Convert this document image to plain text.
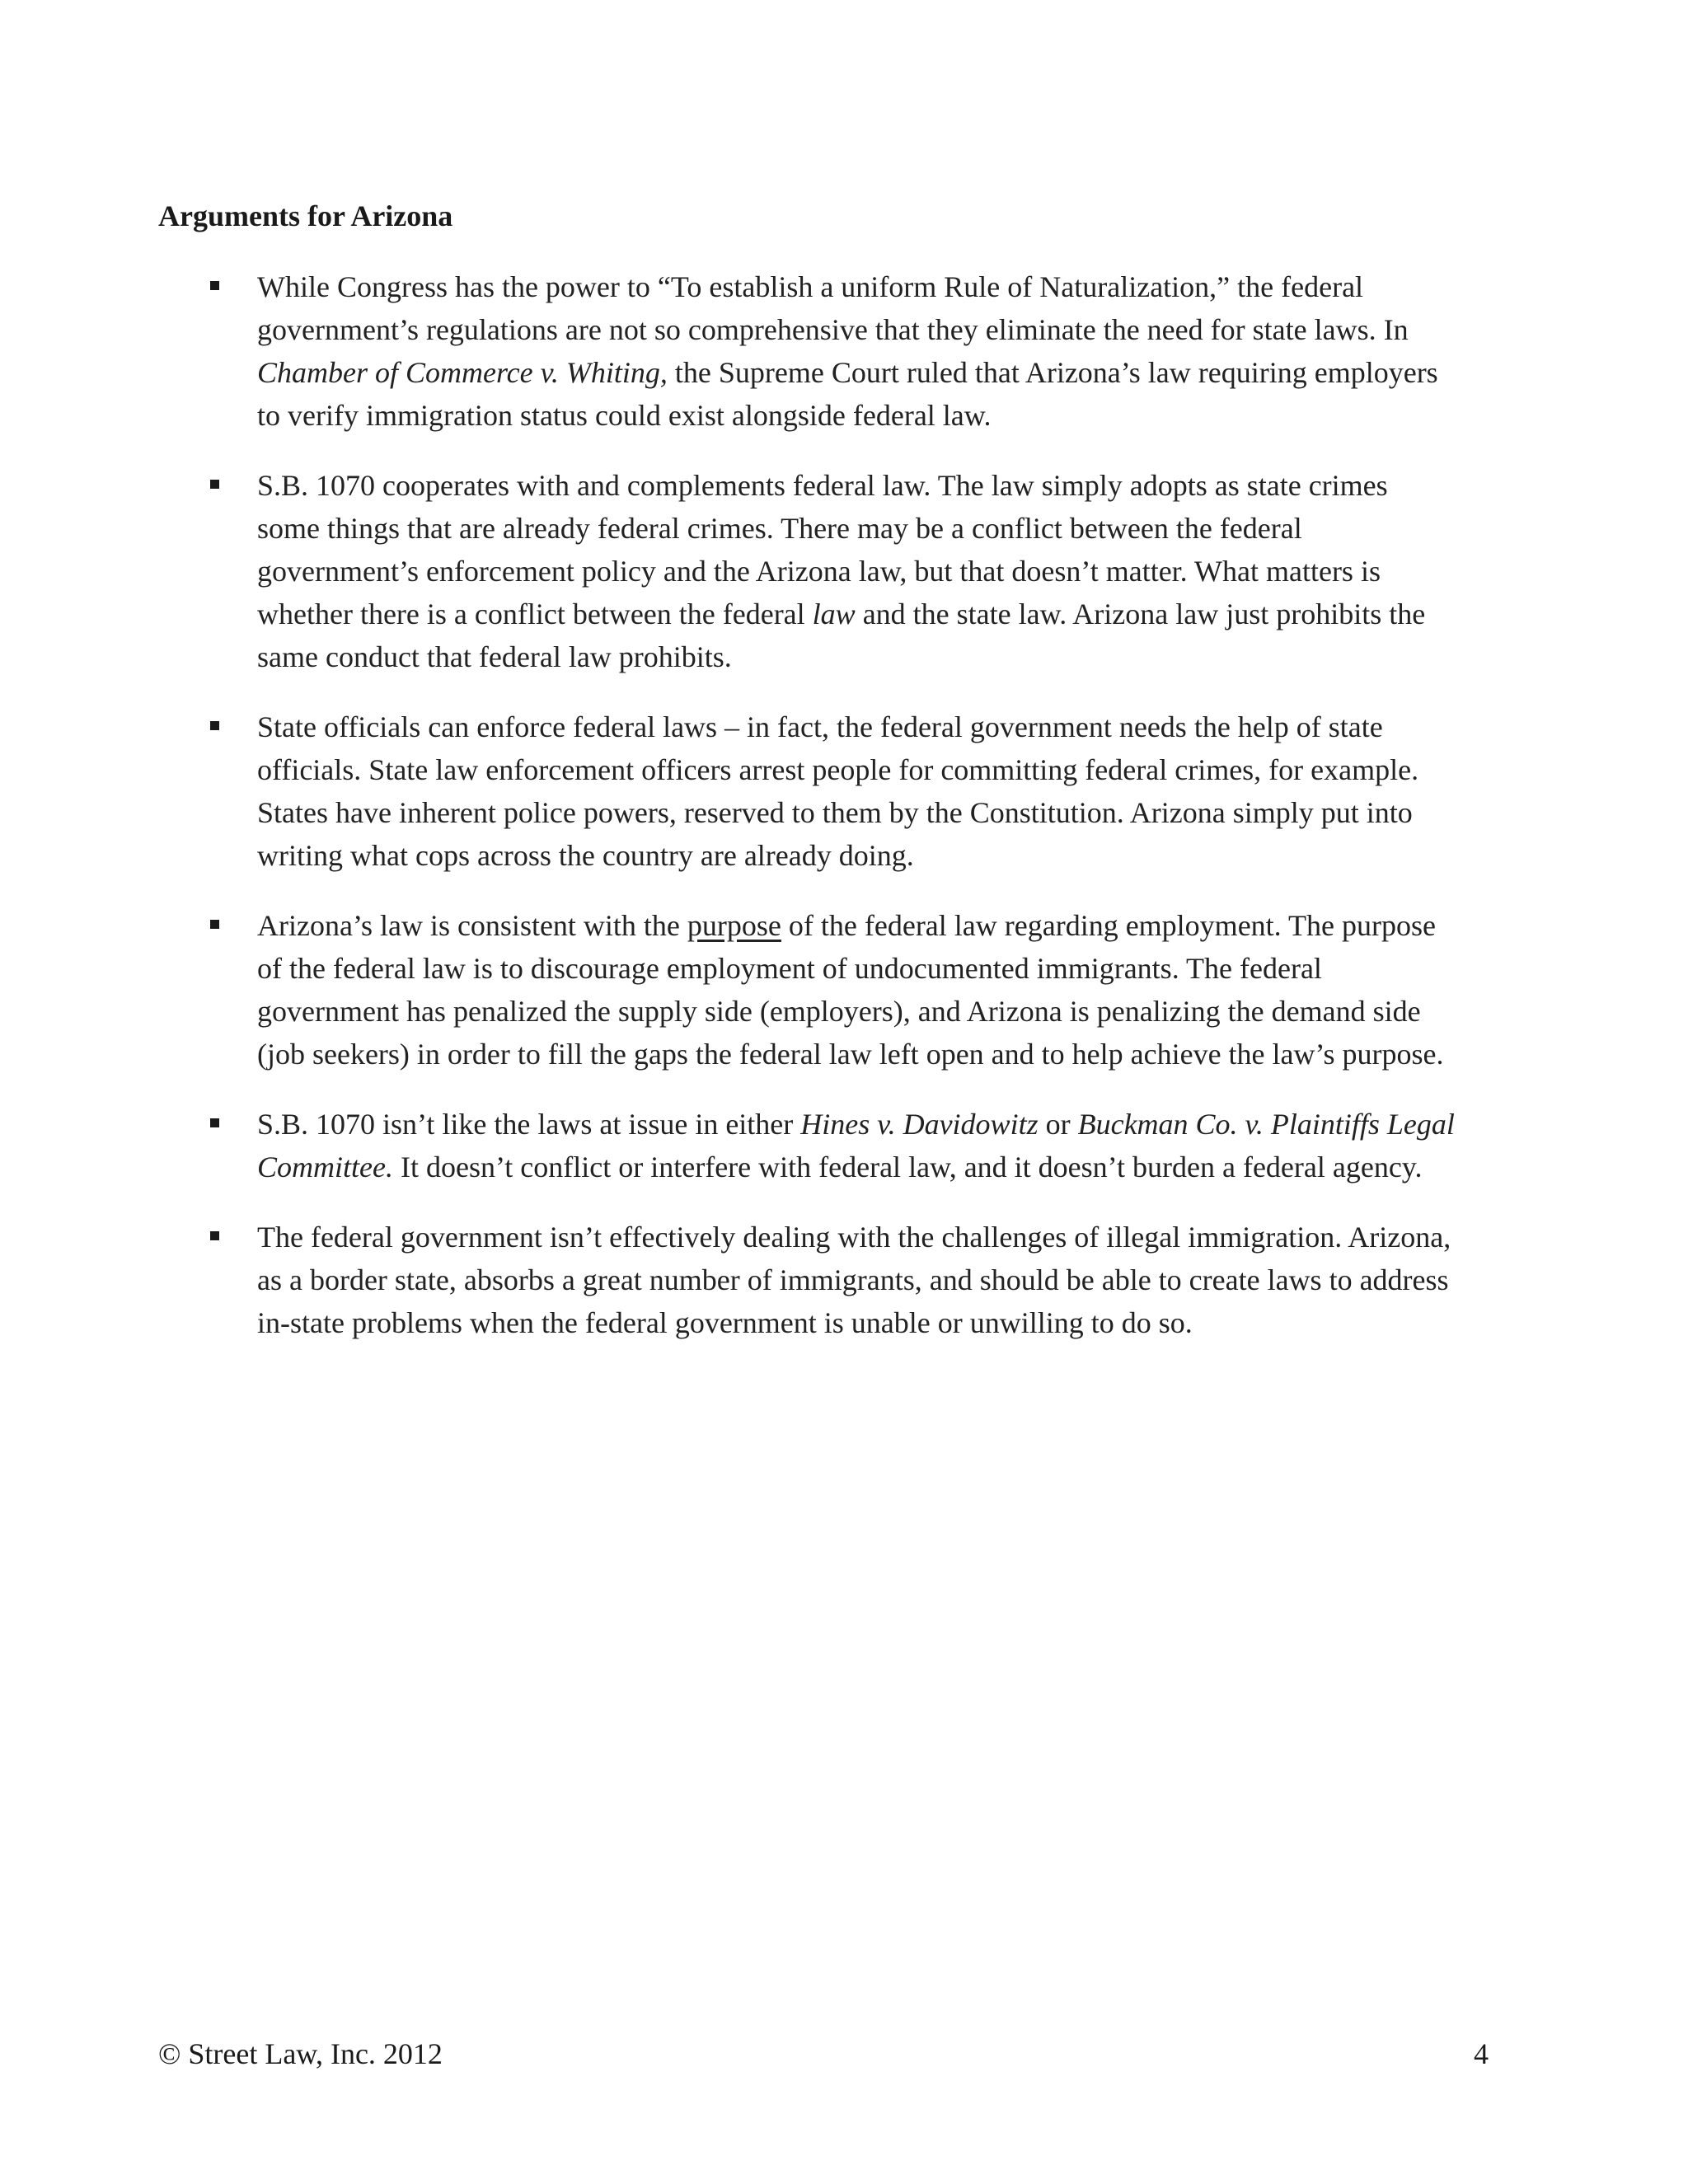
Arguments for Arizona
While Congress has the power to “To establish a uniform Rule of Naturalization,” the federal government’s regulations are not so comprehensive that they eliminate the need for state laws. In Chamber of Commerce v. Whiting, the Supreme Court ruled that Arizona’s law requiring employers to verify immigration status could exist alongside federal law.
S.B. 1070 cooperates with and complements federal law. The law simply adopts as state crimes some things that are already federal crimes. There may be a conflict between the federal government’s enforcement policy and the Arizona law, but that doesn’t matter. What matters is whether there is a conflict between the federal law and the state law. Arizona law just prohibits the same conduct that federal law prohibits.
State officials can enforce federal laws – in fact, the federal government needs the help of state officials. State law enforcement officers arrest people for committing federal crimes, for example. States have inherent police powers, reserved to them by the Constitution. Arizona simply put into writing what cops across the country are already doing.
Arizona’s law is consistent with the purpose of the federal law regarding employment. The purpose of the federal law is to discourage employment of undocumented immigrants. The federal government has penalized the supply side (employers), and Arizona is penalizing the demand side (job seekers) in order to fill the gaps the federal law left open and to help achieve the law’s purpose.
S.B. 1070 isn’t like the laws at issue in either Hines v. Davidowitz or Buckman Co. v. Plaintiffs Legal Committee. It doesn’t conflict or interfere with federal law, and it doesn’t burden a federal agency.
The federal government isn’t effectively dealing with the challenges of illegal immigration. Arizona, as a border state, absorbs a great number of immigrants, and should be able to create laws to address in-state problems when the federal government is unable or unwilling to do so.
© Street Law, Inc. 2012	4
